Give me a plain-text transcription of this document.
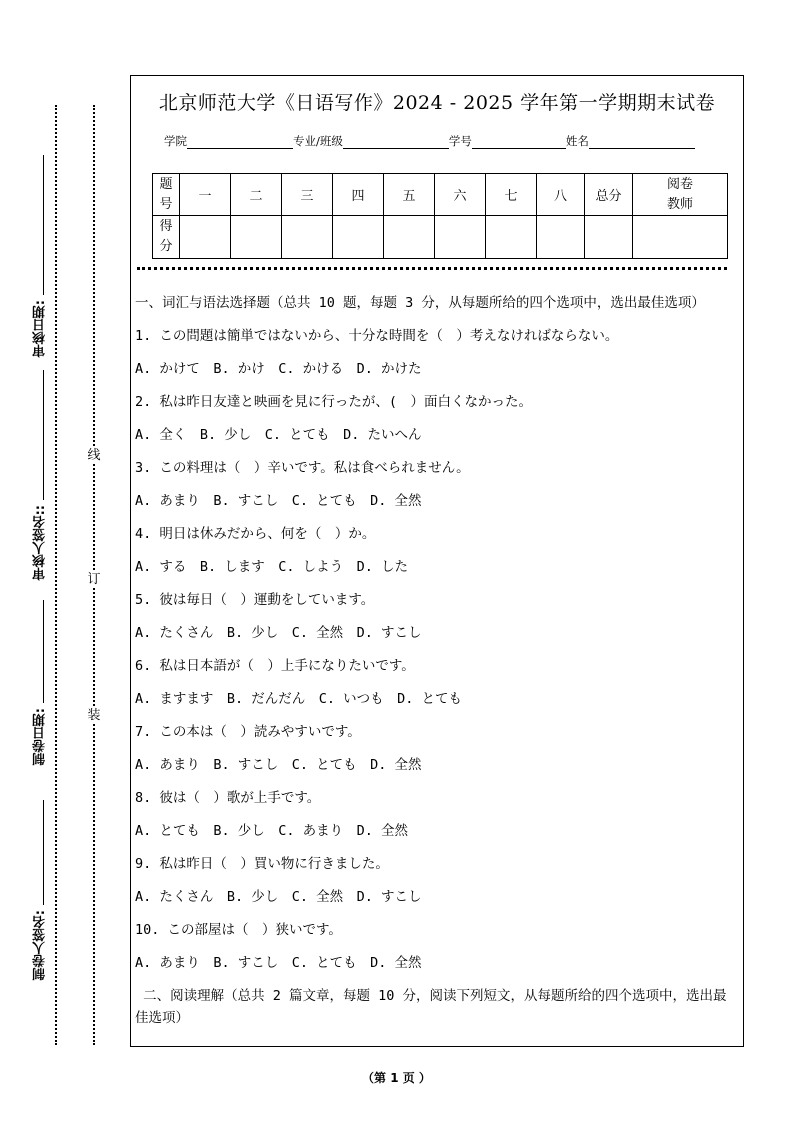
审核日期:
审核人签名::
制卷日期:
制卷人签名:
线
订
装
北京师范大学《日语写作》2024 - 2025 学年第一学期期末试卷
学院	专业/班级	学号	姓名
题号	一	二	三	四	五	六	七	八	总分	阅卷教师

得分										

一、词汇与语法选择题（总共 10 题，每题 3 分，从每题所给的四个选项中，选出最佳选项）
1. この問題は簡単ではないから、十分な時間を（　）考えなければならない。
A. かけて　B. かけ　C. かける　D. かけた
2. 私は昨日友達と映画を見に行ったが、(　）面白くなかった。
A. 全く　B. 少し　C. とても　D. たいへん
3. この料理は（　）辛いです。私は食べられません。
A. あまり　B. すこし　C. とても　D. 全然
4. 明日は休みだから、何を（　）か。
A. する　B. します　C. しよう　D. した
5. 彼は毎日（　）運動をしています。
A. たくさん　B. 少し　C. 全然　D. すこし
6. 私は日本語が（　）上手になりたいです。
A. ますます　B. だんだん　C. いつも　D. とても
7. この本は（　）読みやすいです。
A. あまり　B. すこし　C. とても　D. 全然
8. 彼は（　）歌が上手です。
A. とても　B. 少し　C. あまり　D. 全然
9. 私は昨日（　）買い物に行きました。
A. たくさん　B. 少し　C. 全然　D. すこし
10. この部屋は（　）狭いです。
A. あまり　B. すこし　C. とても　D. 全然
二、阅读理解（总共 2 篇文章，每题 10 分，阅读下列短文，从每题所给的四个选项中，选出最佳选项）
（第 1 页 ）
